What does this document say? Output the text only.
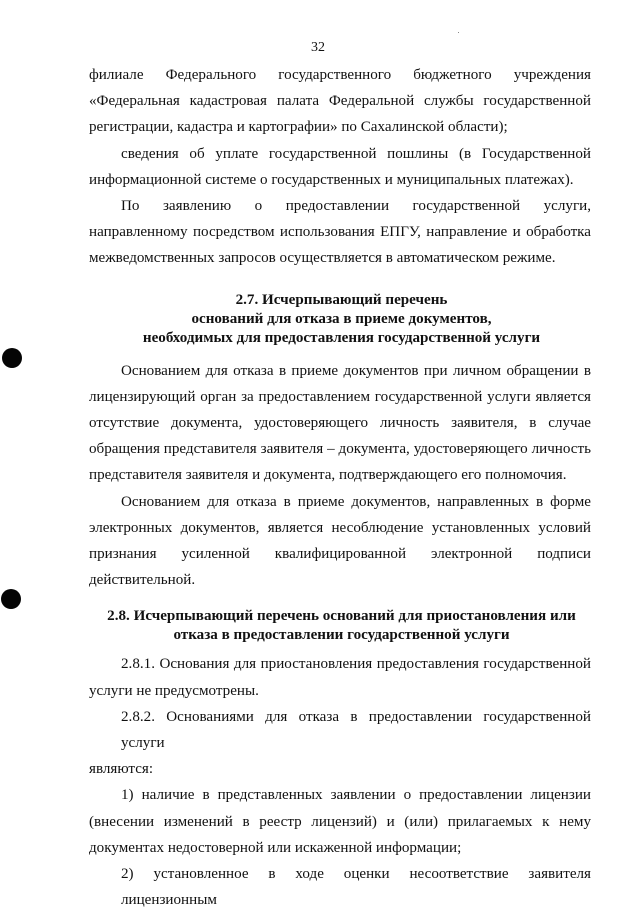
32

филиале Федерального государственного бюджетного учреждения
«Федеральная кадастровая палата Федеральной службы государственной
регистрации, кадастра и картографии» по Сахалинской области);

сведения об уплате государственной пошлины (в Государственной
информационной системе о государственных и муниципальных платежах).

По заявлению о предоставлении государственной услуги,
направленному посредством использования ЕПГУ, направление и обработка
межведомственных запросов осуществляется в автоматическом режиме.

2.7. Исчерпывающий перечень
оснований для отказа в приеме документов,
необходимых для предоставления государственной услуги

Основанием для отказа в приеме документов при личном обращении в
лицензирующий орган за предоставлением государственной услуги является
отсутствие документа, удостоверяющего личность заявителя, в случае
обращения представителя заявителя – документа, удостоверяющего личность
представителя заявителя и документа, подтверждающего его полномочия.

Основанием для отказа в приеме документов, направленных в форме
электронных документов, является несоблюдение установленных условий
признания усиленной квалифицированной электронной подписи
действительной.

2.8. Исчерпывающий перечень оснований для приостановления или
отказа в предоставлении государственной услуги

2.8.1. Основания для приостановления предоставления государственной
услуги не предусмотрены.

2.8.2. Основаниями для отказа в предоставлении государственной услуги
являются:

1) наличие в представленных заявлении о предоставлении лицензии
(внесении изменений в реестр лицензий) и (или) прилагаемых к нему
документах недостоверной или искаженной информации;

2) установленное в ходе оценки несоответствие заявителя лицензионным
